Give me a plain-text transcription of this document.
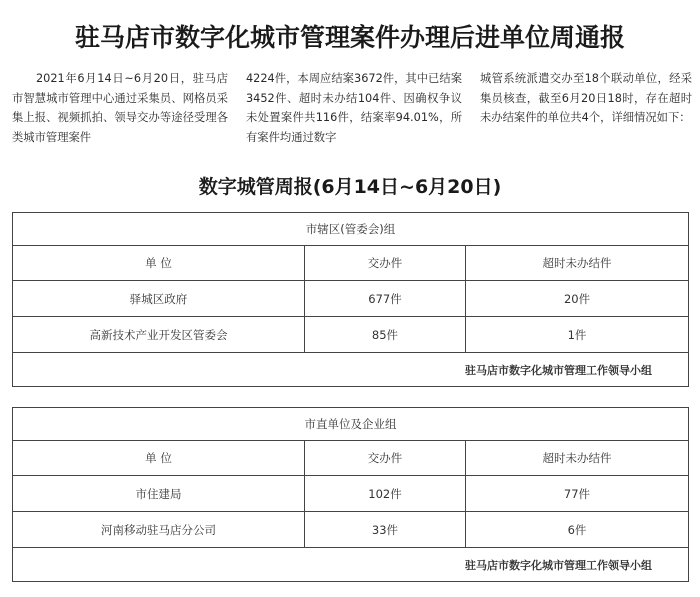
驻马店市数字化城市管理案件办理后进单位周通报
2021年6月14日~6月20日，驻马店市智慧城市管理中心通过采集员、网格员采集上报、视频抓拍、领导交办等途径受理各类城市管理案件
4224件，本周应结案3672件，其中已结案3452件、超时未办结104件、因确权争议未处置案件共116件，结案率94.01%，所有案件均通过数字
城管系统派遣交办至18个联动单位，经采集员核查，截至6月20日18时，存在超时未办结案件的单位共4个，详细情况如下：
数字城管周报(6月14日~6月20日)
市辖区(管委会)组		
单 位	交办件	超时未办结件
驿城区政府	677件	20件
高新技术产业开发区管委会	85件	1件
驻马店市数字化城市管理工作领导小组		
市直单位及企业组		
单 位	交办件	超时未办结件
市住建局	102件	77件
河南移动驻马店分公司	33件	6件
驻马店市数字化城市管理工作领导小组		
